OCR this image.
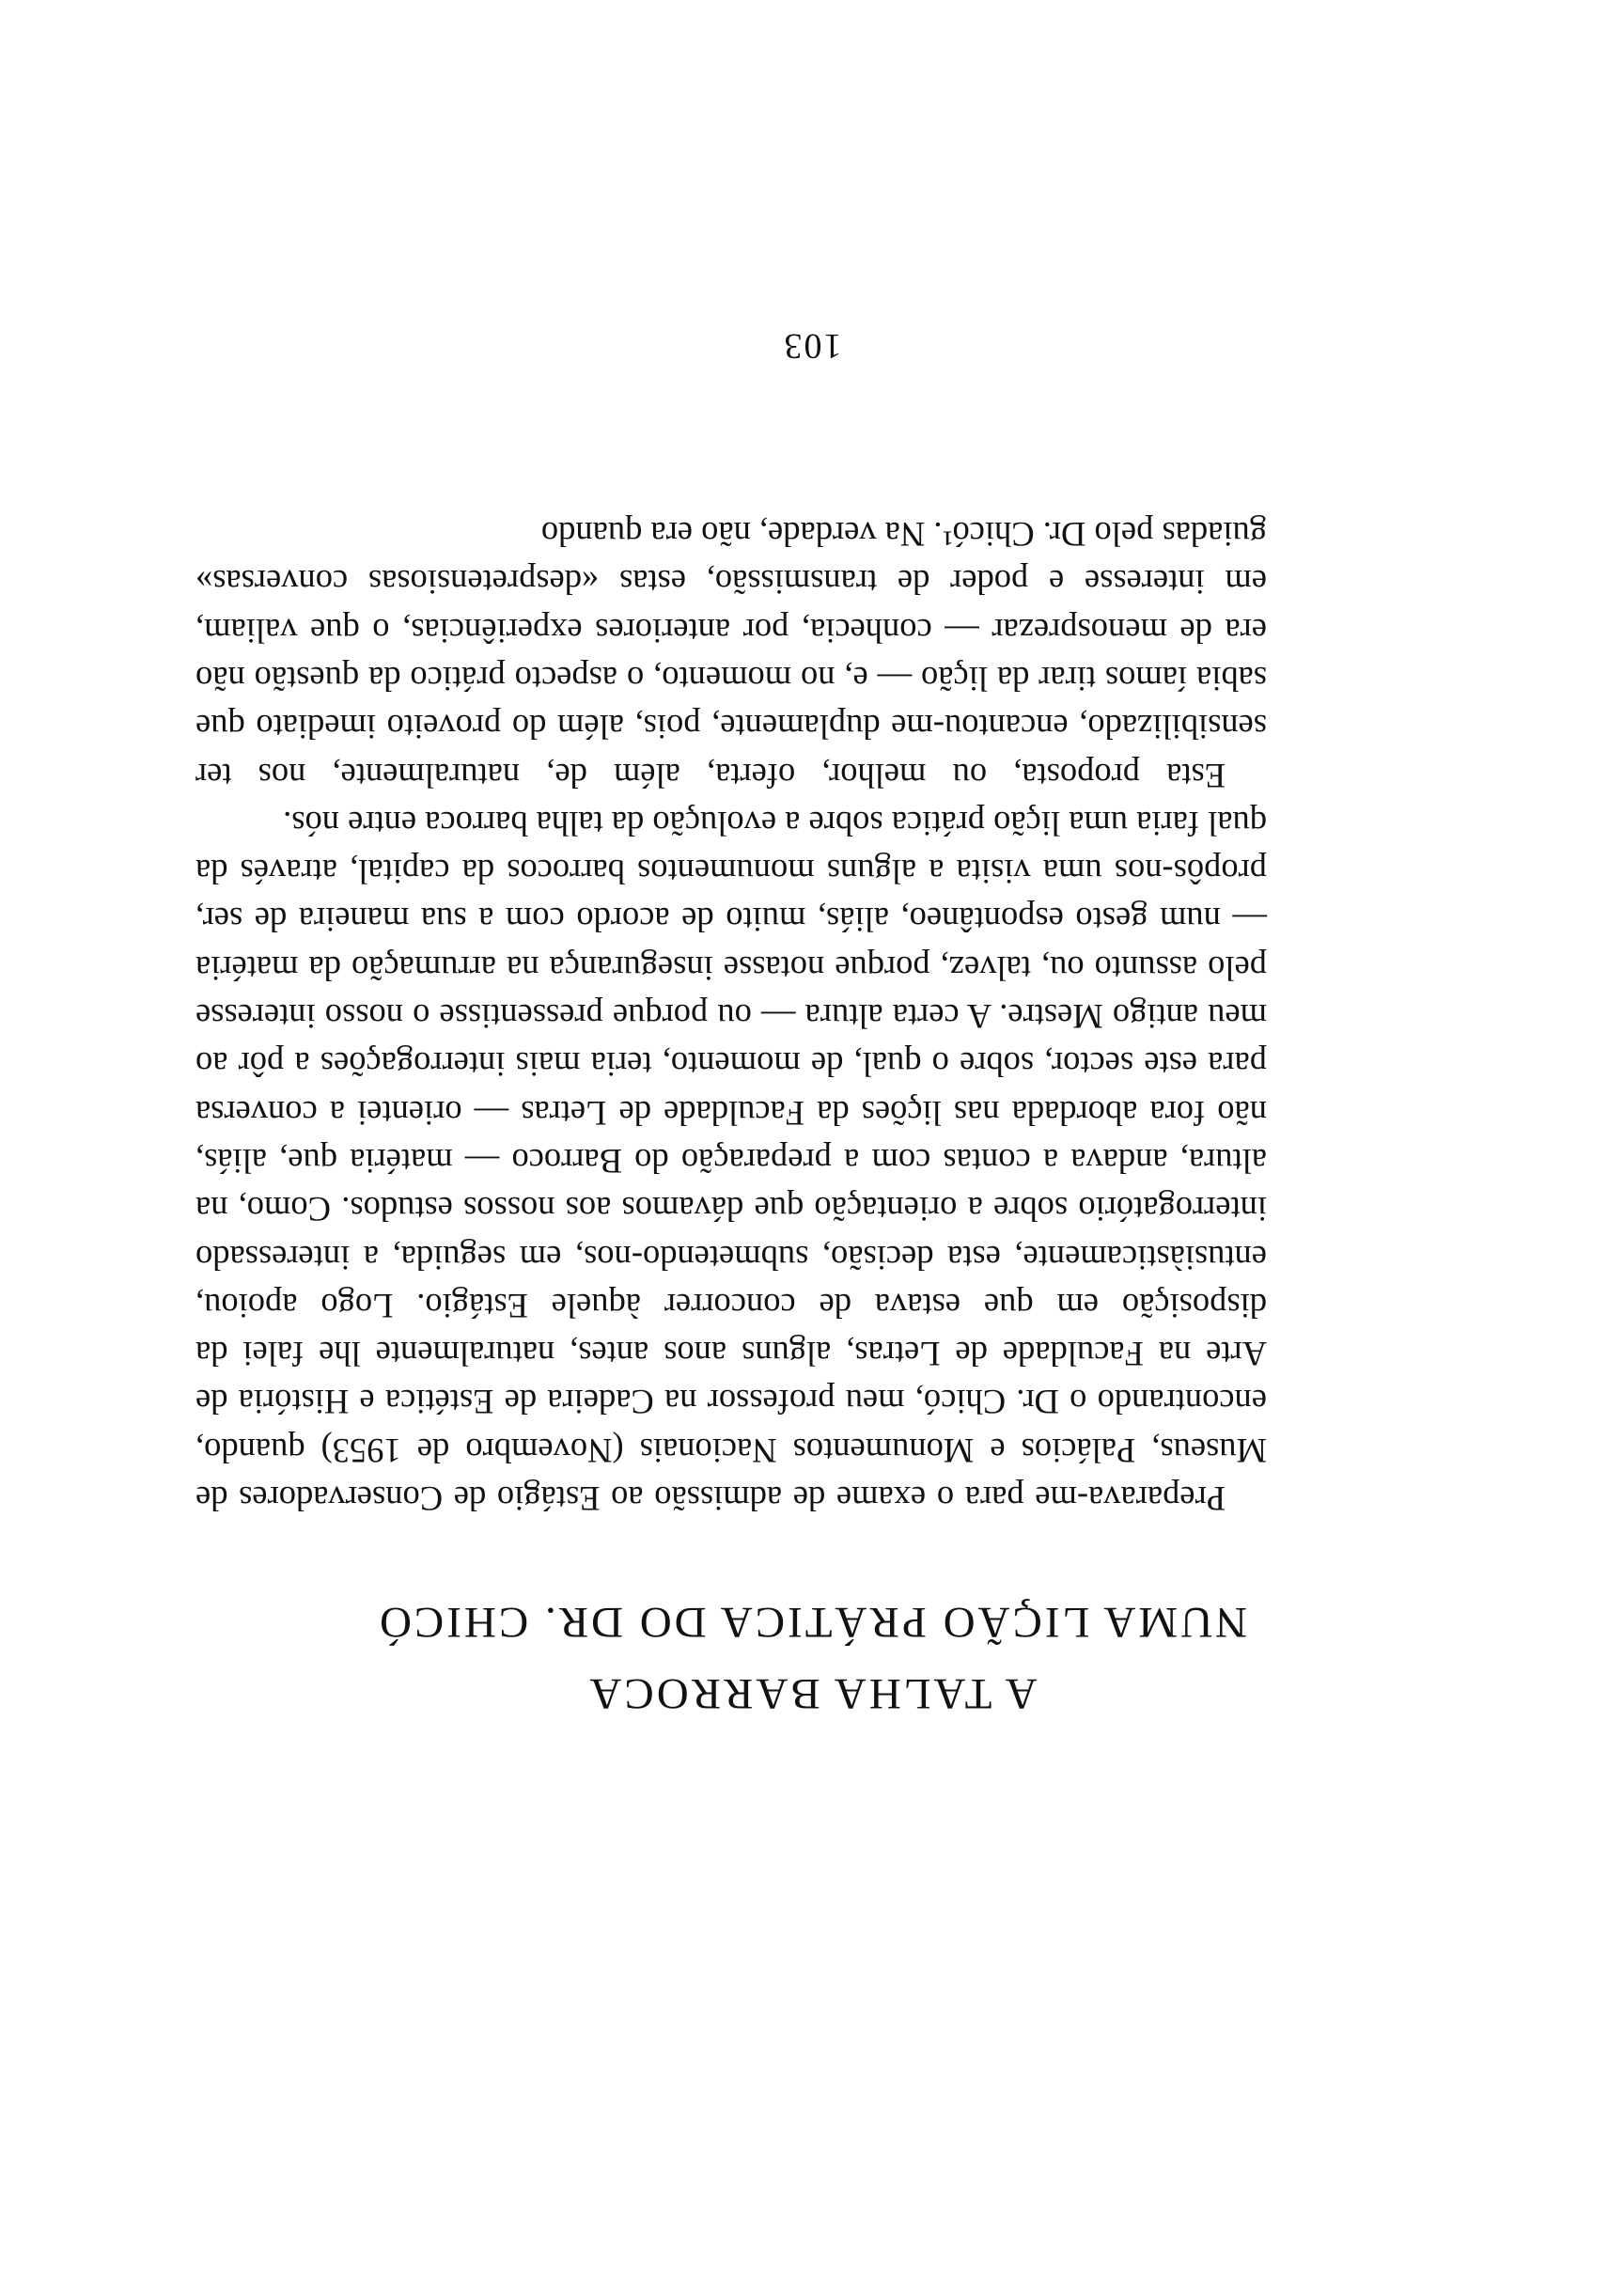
A TALHA BARROCA
NUMA LIÇÃO PRÁTICA DO DR. CHICÓ

Preparava-me para o exame de admissão ao Estágio de Conservadores de Museus, Palácios e Monumentos Nacionais (Novembro de 1953) quando, encontrando o Dr. Chicó, meu professor na Cadeira de Estética e História de Arte na Faculdade de Letras, alguns anos antes, naturalmente lhe falei da disposição em que estava de concorrer àquele Estágio. Logo apoiou, entusiàsticamente, esta decisão, submetendo-nos, em seguida, a interessado interrogatório sobre a orientação que dávamos aos nossos estudos. Como, na altura, andava a contas com a preparação do Barroco — matéria que, aliás, não fora abordada nas lições da Faculdade de Letras — orientei a conversa para este sector, sobre o qual, de momento, teria mais interrogações a pôr ao meu antigo Mestre. A certa altura — ou porque pressentisse o nosso interesse pelo assunto ou, talvez, porque notasse insegurança na arrumação da matéria — num gesto espontâneo, aliás, muito de acordo com a sua maneira de ser, propôs-nos uma visita a alguns monumentos barrocos da capital, através da qual faria uma lição prática sobre a evolução da talha barroca entre nós.

Esta proposta, ou melhor, oferta, além de, naturalmente, nos ter sensibilizado, encantou-me duplamente, pois, além do proveito imediato que sabia íamos tirar da lição — e, no momento, o aspecto prático da questão não era de menosprezar — conhecia, por anteriores experiências, o que valiam, em interesse e poder de transmissão, estas «despretensiosas conversas» guiadas pelo Dr. Chicó¹. Na verdade, não era quando

103
